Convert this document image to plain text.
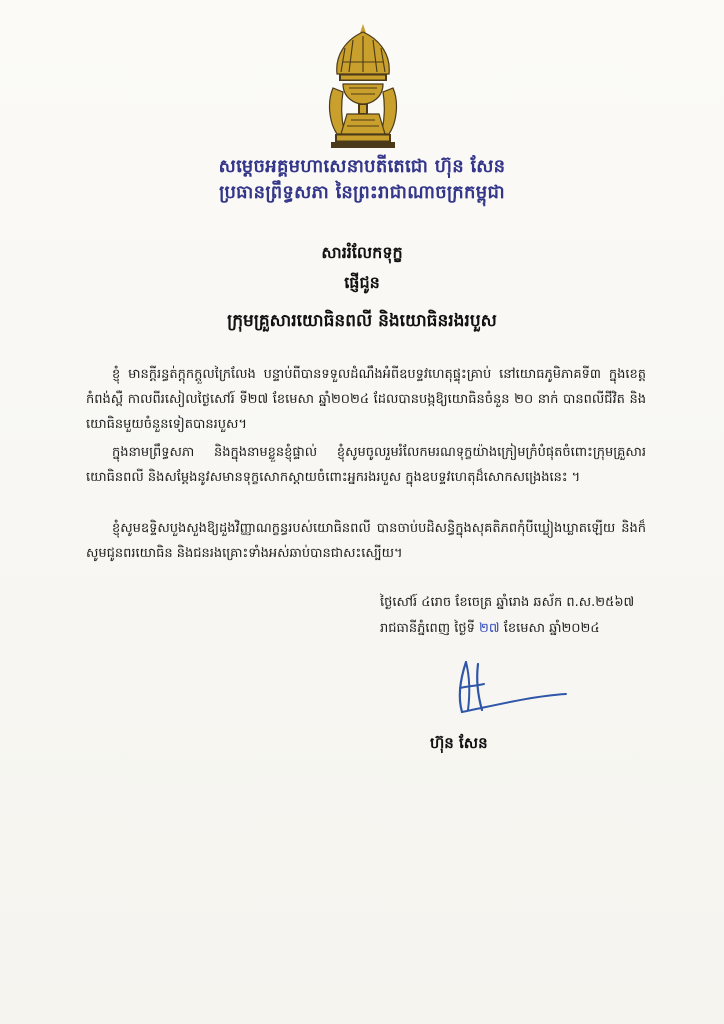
សម្តេចអគ្គមហាសេនាបតីតេជោ ហ៊ុន សែន
ប្រធានព្រឹទ្ធសភា នៃព្រះរាជាណាចក្រកម្ពុជា
សាររំលែកទុក្ខ
ផ្ញើជូន
ក្រុមគ្រួសារយោធិនពលី និងយោធិនរងរបួស

ខ្ញុំ មានក្តីរន្ធត់ក្តុកក្តួលក្រៃលែង បន្ទាប់ពីបានទទួលដំណឹងអំពីឧបទ្ទវហេតុផ្ទុះគ្រាប់ នៅយោធភូមិភាគទី៣ ក្នុងខេត្តកំពង់ស្ពឺ កាលពីរសៀលថ្ងៃសៅរ៍ ទី២៧ ខែមេសា ឆ្នាំ២០២៤ ដែលបានបង្កឱ្យយោធិនចំនួន ២០ នាក់ បានពលីជីវិត និងយោធិនមួយចំនួនទៀតបានរបួស។

ក្នុងនាមព្រឹទ្ធសភា និងក្នុងនាមខ្លួនខ្ញុំផ្ទាល់ ខ្ញុំសូមចូលរួមរំលែកមរណទុក្ខយ៉ាងក្រៀមក្រំបំផុតចំពោះក្រុមគ្រួសារយោធិនពលី និងសម្តែងនូវសមានទុក្ខសោកស្តាយចំពោះអ្នករងរបួស ក្នុងឧបទ្ទវហេតុដ៏សោកសង្រេងនេះ ។

ខ្ញុំសូមឧទ្ទិសបួងសួងឱ្យដួងវិញ្ញាណក្ខន្ធរបស់យោធិនពលី បានចាប់បដិសន្ធិក្នុងសុគតិភពកុំបីឃ្លៀងឃ្លាតឡើយ និងក៏សូមជូនពរយោធិន និងជនរងគ្រោះទាំងអស់ឆាប់បានជាសះស្បើយ។

ថ្ងៃសៅរ៍ ៤រោច ខែចេត្រ ឆ្នាំរោង ឆស័ក ព.ស.២៥៦៧
រាជធានីភ្នំពេញ ថ្ងៃទី ២៧ ខែមេសា ឆ្នាំ២០២៤
ហ៊ុន សែន
